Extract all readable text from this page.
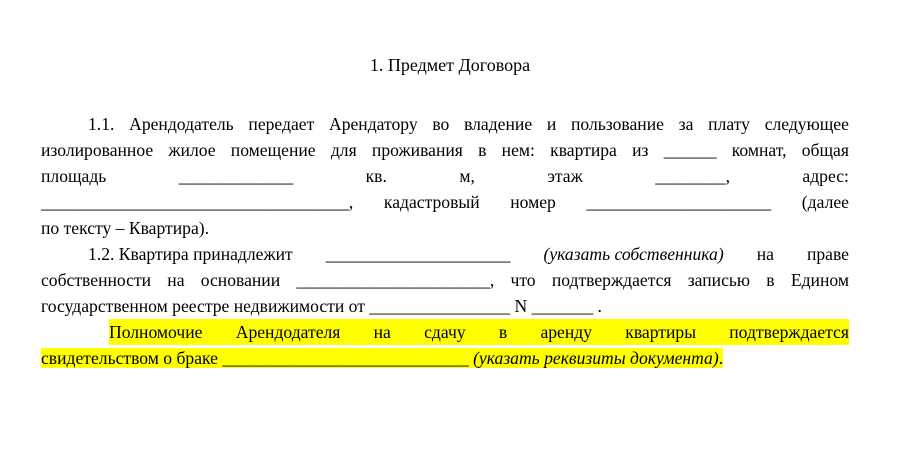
1. Предмет Договора
1.1. Арендодатель передает Арендатору во владение и пользование за плату следующее
изолированное жилое помещение для проживания в нем: квартира из ______ комнат, общая
площадь	_____________	кв.	м,	этаж	________,	адрес:
___________________________________, кадастровый номер _____________________ (далее
по тексту – Квартира).
1.2. Квартира принадлежит _____________________ (указать собственника) на праве
собственности на основании ______________________, что подтверждается записью в Едином
государственном реестре недвижимости от ________________ N _______ .
Полномочие Арендодателя на сдачу в аренду квартиры подтверждается
свидетельством о браке ____________________________ (указать реквизиты документа).
